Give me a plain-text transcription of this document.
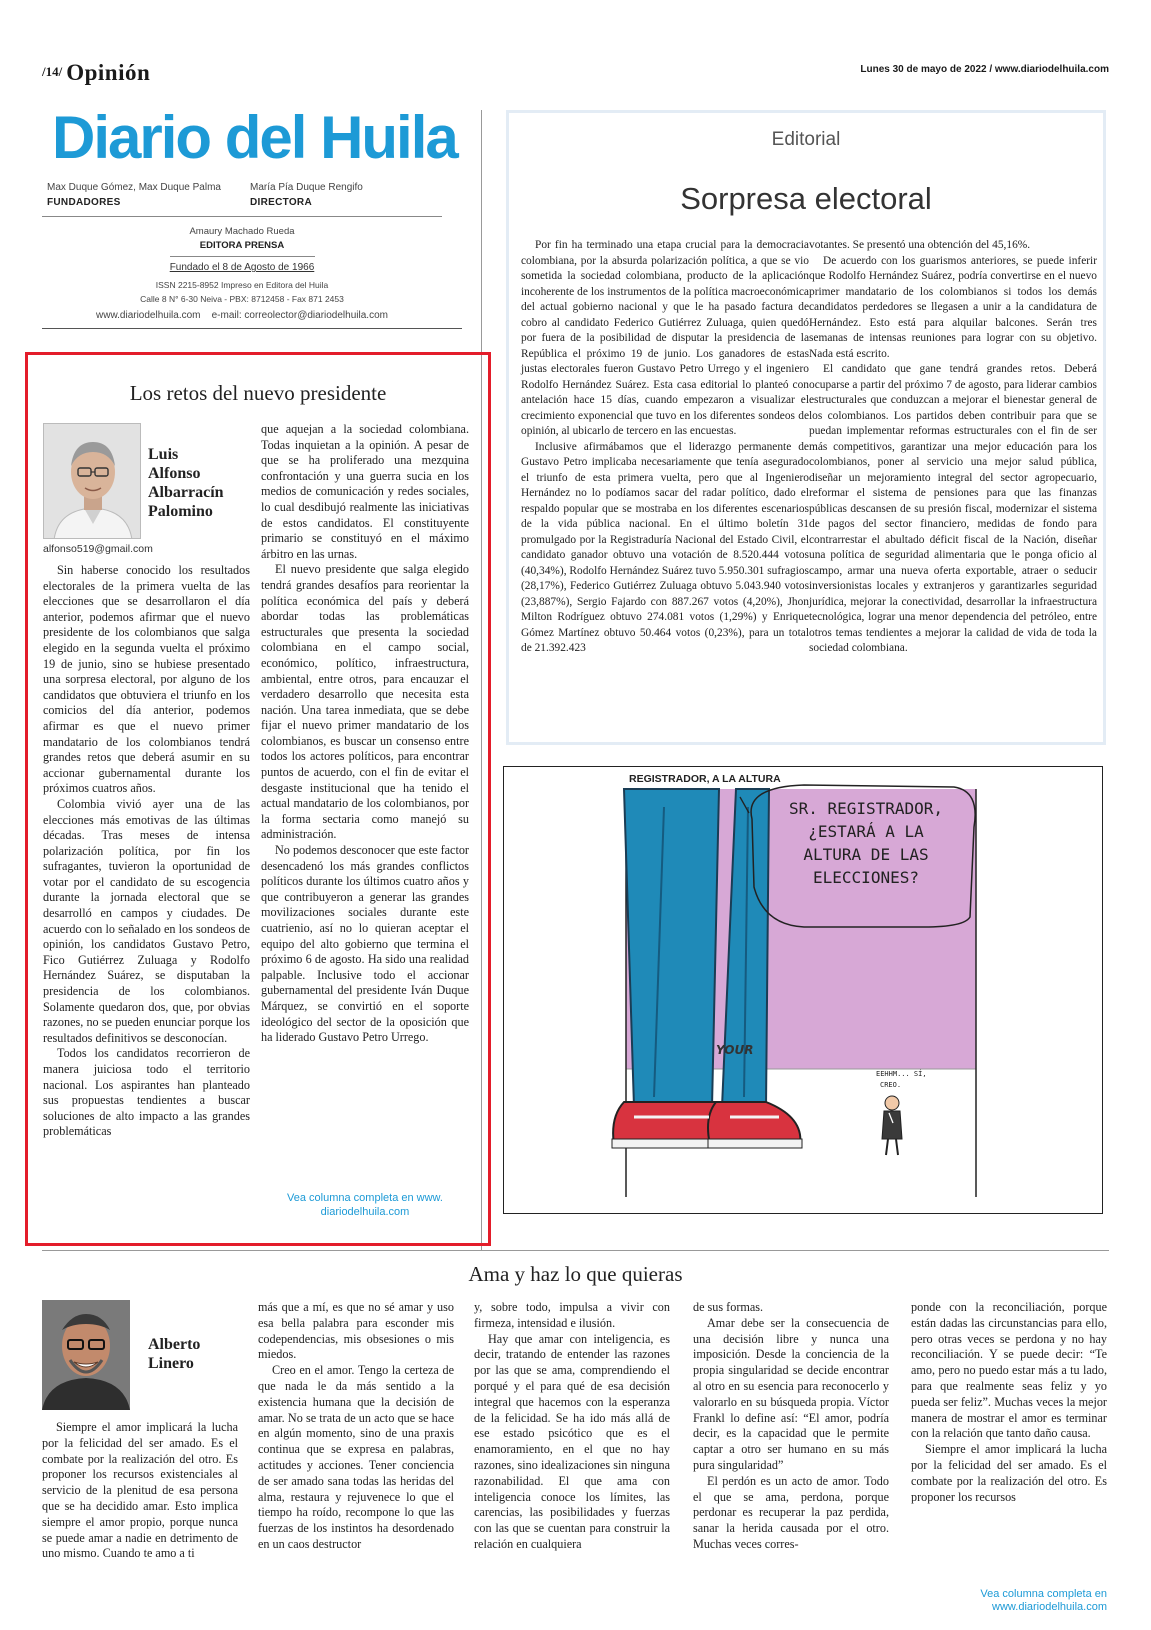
$^{/14/}$ Opinión	Lunes 30 de mayo de 2022 / www.diariodelhuila.com
Diario del Huila
Max Duque Gómez, Max Duque Palma
FUNDADORES
María Pía Duque Rengifo
DIRECTORA
Amaury Machado Rueda
EDITORA PRENSA
Fundado el 8 de Agosto de 1966
ISSN 2215-8952 Impreso en Editora del Huila
Calle 8 N° 6-30 Neiva - PBX: 8712458 - Fax 871 2453
www.diariodelhuila.com    e-mail: correolector@diariodelhuila.com
Editorial
Sorpresa electoral

Por fin ha terminado una etapa crucial para la democracia colombiana, por la absurda polarización política, a que se vio sometida la sociedad colombiana, producto de la aplicación incoherente de los instrumentos de la política macroeconómica del actual gobierno nacional y que le ha pasado factura de cobro al candidato Federico Gutiérrez Zuluaga, quien quedó por fuera de la posibilidad de disputar la presidencia de la República el próximo 19 de junio. Los ganadores de estas justas electorales fueron Gustavo Petro Urrego y el ingeniero Rodolfo Hernández Suárez. Esta casa editorial lo planteó con antelación hace 15 días, cuando empezaron a visualizar el crecimiento exponencial que tuvo en los diferentes sondeos de opinión, al ubicarlo de tercero en las encuestas.

Inclusive afirmábamos que el liderazgo permanente de Gustavo Petro implicaba necesariamente que tenía asegurado el triunfo de esta primera vuelta, pero que al Ingeniero Hernández no lo podíamos sacar del radar político, dado el respaldo popular que se mostraba en los diferentes escenarios de la vida pública nacional. En el último boletín 31 promulgado por la Registraduría Nacional del Estado Civil, el candidato ganador obtuvo una votación de 8.520.444 votos (40,34%), Rodolfo Hernández Suárez tuvo 5.950.301 sufragios (28,17%), Federico Gutiérrez Zuluaga obtuvo 5.043.940 votos (23,887%), Sergio Fajardo con 887.267 votos (4,20%), Jhon Milton Rodríguez obtuvo 274.081 votos (1,29%) y Enrique Gómez Martínez obtuvo 50.464 votos (0,23%), para un total de 21.392.423

votantes. Se presentó una obtención del 45,16%.

De acuerdo con los guarismos anteriores, se puede inferir que Rodolfo Hernández Suárez, podría convertirse en el nuevo primer mandatario de los colombianos si todos los demás candidatos perdedores se llegasen a unir a la candidatura de Hernández. Esto está para alquilar balcones. Serán tres semanas de intensas reuniones para lograr con su objetivo. Nada está escrito.

El candidato que gane tendrá grandes retos. Deberá ocuparse a partir del próximo 7 de agosto, para liderar cambios estructurales que conduzcan a mejorar el bienestar general de los colombianos. Los partidos deben contribuir para que se puedan implementar reformas estructurales con el fin de ser más competitivos, garantizar una mejor educación para los colombianos, poner al servicio una mejor salud pública, diseñar un mejoramiento integral del sector agropecuario, reformar el sistema de pensiones para que las finanzas públicas descansen de su presión fiscal, modernizar el sistema de pagos del sector financiero, medidas de fondo para contrarrestar el abultado déficit fiscal de la Nación, diseñar una política de seguridad alimentaria que le ponga oficio al campo, armar una nueva oferta exportable, atraer o seducir inversionistas locales y extranjeros y garantizarles seguridad jurídica, mejorar la conectividad, desarrollar la infraestructura tecnológica, lograr una menor dependencia del petróleo, entre otros temas tendientes a mejorar la calidad de vida de toda la sociedad colombiana.

Los retos del nuevo presidente
Luis
Alfonso
Albarracín
Palomino
alfonso519@gmail.com

Sin haberse conocido los resultados electorales de la primera vuelta de las elecciones que se desarrollaron el día anterior, podemos afirmar que el nuevo presidente de los colombianos que salga elegido en la segunda vuelta el próximo 19 de junio, sino se hubiese presentado una sorpresa electoral, por alguno de los candidatos que obtuviera el triunfo en los comicios del día anterior, podemos afirmar es que el nuevo primer mandatario de los colombianos tendrá grandes retos que deberá asumir en su accionar gubernamental durante los próximos cuatros años.

Colombia vivió ayer una de las elecciones más emotivas de las últimas décadas. Tras meses de intensa polarización política, por fin los sufragantes, tuvieron la oportunidad de votar por el candidato de su escogencia durante la jornada electoral que se desarrolló en campos y ciudades. De acuerdo con lo señalado en los sondeos de opinión, los candidatos Gustavo Petro, Fico Gutiérrez Zuluaga y Rodolfo Hernández Suárez, se disputaban la presidencia de los colombianos. Solamente quedaron dos, que, por obvias razones, no se pueden enunciar porque los resultados definitivos se desconocían.

Todos los candidatos recorrieron de manera juiciosa todo el territorio nacional. Los aspirantes han planteado sus propuestas tendientes a buscar soluciones de alto impacto a las grandes problemáticas

que aquejan a la sociedad colombiana. Todas inquietan a la opinión. A pesar de que se ha proliferado una mezquina confrontación y una guerra sucia en los medios de comunicación y redes sociales, lo cual desdibujó realmente las iniciativas de estos candidatos. El constituyente primario se constituyó en el máximo árbitro en las urnas.

El nuevo presidente que salga elegido tendrá grandes desafíos para reorientar la política económica del país y deberá abordar todas las problemáticas estructurales que presenta la sociedad colombiana en el campo social, económico, político, infraestructura, ambiental, entre otros, para encauzar el verdadero desarrollo que necesita esta nación. Una tarea inmediata, que se debe fijar el nuevo primer mandatario de los colombianos, es buscar un consenso entre todos los actores políticos, para encontrar puntos de acuerdo, con el fin de evitar el desgaste institucional que ha tenido el actual mandatario de los colombianos, por la forma sectaria como manejó su administración.

No podemos desconocer que este factor desencadenó los más grandes conflictos políticos durante los últimos cuatro años y que contribuyeron a generar las grandes movilizaciones sociales durante este cuatrienio, así no lo quieran aceptar el equipo del alto gobierno que termina el próximo 6 de agosto. Ha sido una realidad palpable. Inclusive todo el accionar gubernamental del presidente Iván Duque Márquez, se convirtió en el soporte ideológico del sector de la oposición que ha liderado Gustavo Petro Urrego.

Vea columna completa en www.
diariodelhuila.com
REGISTRADOR, A LA ALTURA
SR. REGISTRADOR,
¿ESTARÁ A LA
ALTURA DE LAS
ELECCIONES?
EEHHM... SÍ,
CREO.
YOUR
Ama y haz lo que quieras
Alberto
Linero

Siempre el amor implicará la lucha por la felicidad del ser amado. Es el combate por la realización del otro. Es proponer los recursos existenciales al servicio de la plenitud de esa persona que se ha decidido amar. Esto implica siempre el amor propio, porque nunca se puede amar a nadie en detrimento de uno mismo. Cuando te amo a ti

más que a mí, es que no sé amar y uso esa bella palabra para esconder mis codependencias, mis obsesiones o mis miedos.

Creo en el amor. Tengo la certeza de que nada le da más sentido a la existencia humana que la decisión de amar. No se trata de un acto que se hace en algún momento, sino de una praxis continua que se expresa en palabras, actitudes y acciones. Tener conciencia de ser amado sana todas las heridas del alma, restaura y rejuvenece lo que el tiempo ha roído, recompone lo que las fuerzas de los instintos ha desordenado en un caos destructor

y, sobre todo, impulsa a vivir con firmeza, intensidad e ilusión.

Hay que amar con inteligencia, es decir, tratando de entender las razones por las que se ama, comprendiendo el porqué y el para qué de esa decisión integral que hacemos con la esperanza de la felicidad. Se ha ido más allá de ese estado psicótico que es el enamoramiento, en el que no hay razones, sino idealizaciones sin ninguna razonabilidad. El que ama con inteligencia conoce los límites, las carencias, las posibilidades y fuerzas con las que se cuentan para construir la relación en cualquiera

de sus formas.

Amar debe ser la consecuencia de una decisión libre y nunca una imposición. Desde la conciencia de la propia singularidad se decide encontrar al otro en su esencia para reconocerlo y valorarlo en su búsqueda propia. Víctor Frankl lo define así: “El amor, podría decir, es la capacidad que le permite captar a otro ser humano en su más pura singularidad”

El perdón es un acto de amor. Todo el que se ama, perdona, porque perdonar es recuperar la paz perdida, sanar la herida causada por el otro. Muchas veces corres-

ponde con la reconciliación, porque están dadas las circunstancias para ello, pero otras veces se perdona y no hay reconciliación. Y se puede decir: “Te amo, pero no puedo estar más a tu lado, para que realmente seas feliz y yo pueda ser feliz”. Muchas veces la mejor manera de mostrar el amor es terminar con la relación que tanto daño causa.

Siempre el amor implicará la lucha por la felicidad del ser amado. Es el combate por la realización del otro. Es proponer los recursos

Vea columna completa en
www.diariodelhuila.com
